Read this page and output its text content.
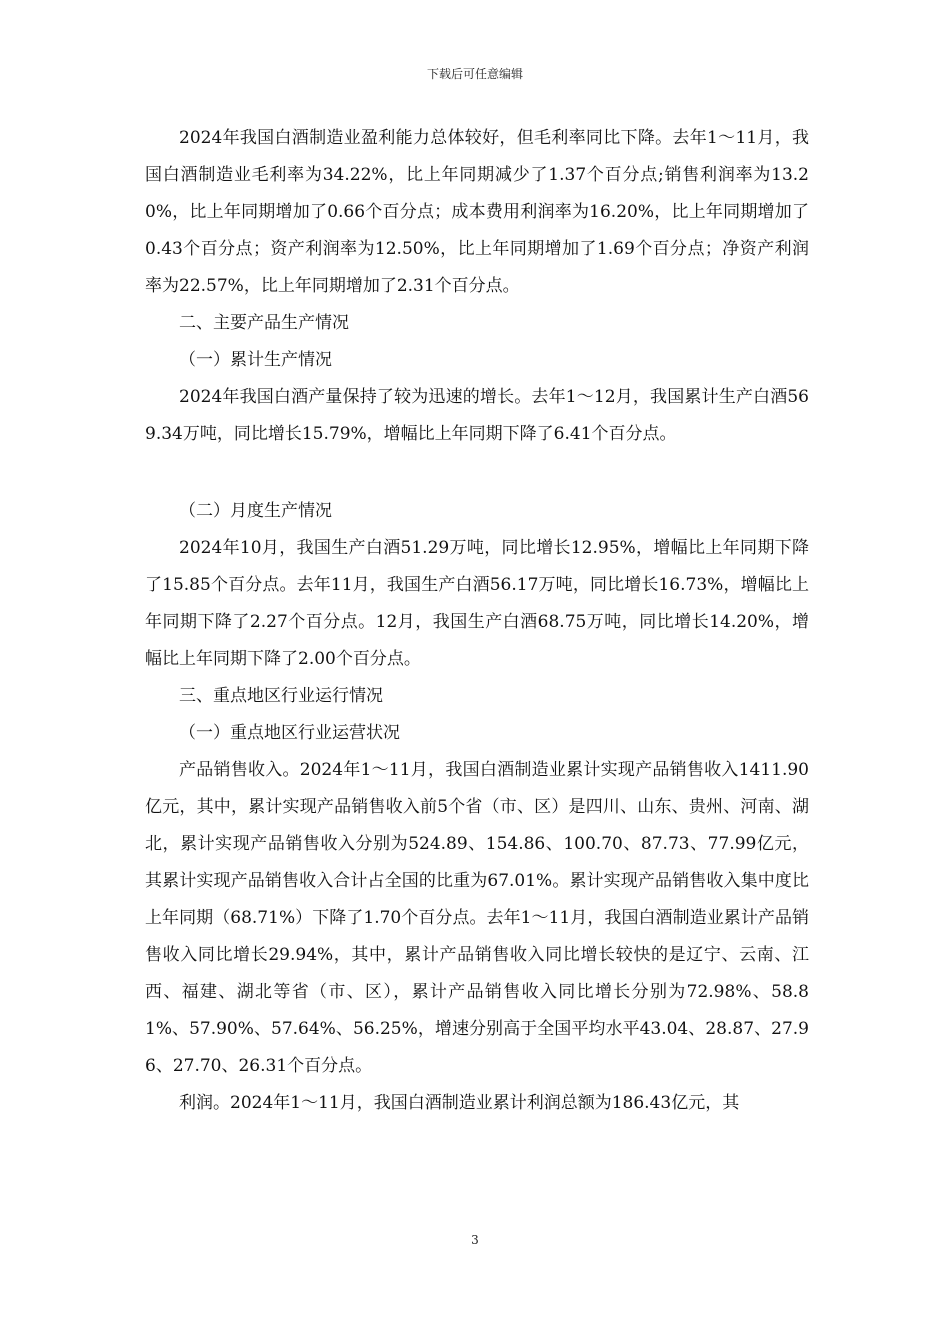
下载后可任意编辑

2024年我国白酒制造业盈利能力总体较好，但毛利率同比下降。去年1～11月，我国白酒制造业毛利率为34.22%，比上年同期减少了1.37个百分点;销售利润率为13.20%，比上年同期增加了0.66个百分点；成本费用利润率为16.20%，比上年同期增加了0.43个百分点；资产利润率为12.50%，比上年同期增加了1.69个百分点；净资产利润率为22.57%，比上年同期增加了2.31个百分点。

二、主要产品生产情况

（一）累计生产情况

2024年我国白酒产量保持了较为迅速的增长。去年1～12月，我国累计生产白酒569.34万吨，同比增长15.79%，增幅比上年同期下降了6.41个百分点。

（二）月度生产情况

2024年10月，我国生产白酒51.29万吨，同比增长12.95%，增幅比上年同期下降了15.85个百分点。去年11月，我国生产白酒56.17万吨，同比增长16.73%，增幅比上年同期下降了2.27个百分点。12月，我国生产白酒68.75万吨，同比增长14.20%，增幅比上年同期下降了2.00个百分点。

三、重点地区行业运行情况

（一）重点地区行业运营状况

产品销售收入。2024年1～11月，我国白酒制造业累计实现产品销售收入1411.90亿元，其中，累计实现产品销售收入前5个省（市、区）是四川、山东、贵州、河南、湖北，累计实现产品销售收入分别为524.89、154.86、100.70、87.73、77.99亿元，其累计实现产品销售收入合计占全国的比重为67.01%。累计实现产品销售收入集中度比上年同期（68.71%）下降了1.70个百分点。去年1～11月，我国白酒制造业累计产品销售收入同比增长29.94%，其中，累计产品销售收入同比增长较快的是辽宁、云南、江西、福建、湖北等省（市、区），累计产品销售收入同比增长分别为72.98%、58.81%、57.90%、57.64%、56.25%，增速分别高于全国平均水平43.04、28.87、27.96、27.70、26.31个百分点。

利润。2024年1～11月，我国白酒制造业累计利润总额为186.43亿元，其

3
